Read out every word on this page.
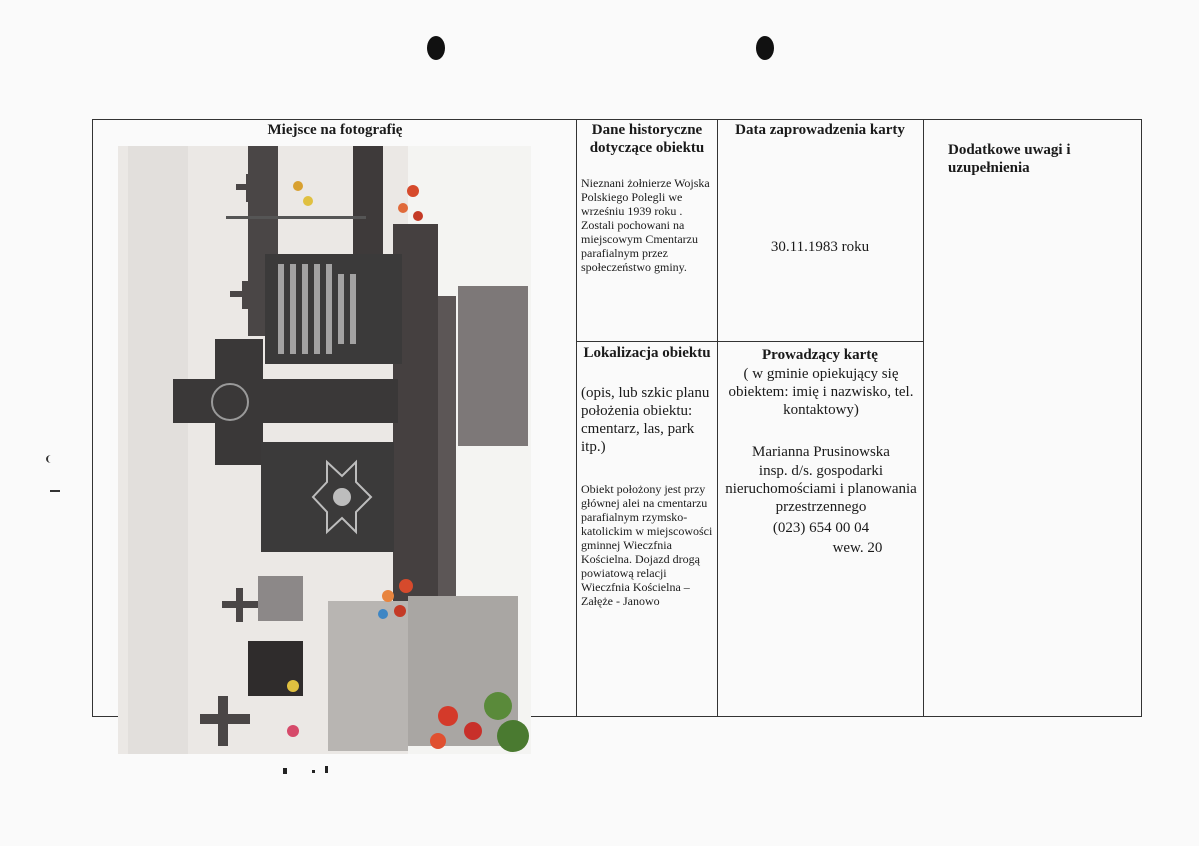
Miejsce na fotografię	Dane historyczne dotyczące obiektu
Data zaprowadzenia karty
Dodatkowe uwagi i uzupełnienia
Nieznani żołnierze Wojska Polskiego Polegli we wrześniu 1939 roku . Zostali pochowani na miejscowym Cmentarzu parafialnym przez społeczeństwo gminy.
30.11.1983 roku
Lokalizacja obiektu
(opis, lub szkic planu położenia obiektu: cmentarz, las, park itp.)
Obiekt położony jest przy głównej alei na cmentarzu parafialnym rzymsko-katolickim w miejscowości gminnej Wieczfnia Kościelna. Dojazd drogą powiatową relacji Wieczfnia Kościelna – Załęże - Janowo
Prowadzący kartę
( w gminie opiekujący się obiektem: imię i nazwisko, tel. kontaktowy)
Marianna Prusinowska
insp. d/s. gospodarki nieruchomościami i planowania przestrzennego
(023) 654 00 04
wew. 20
